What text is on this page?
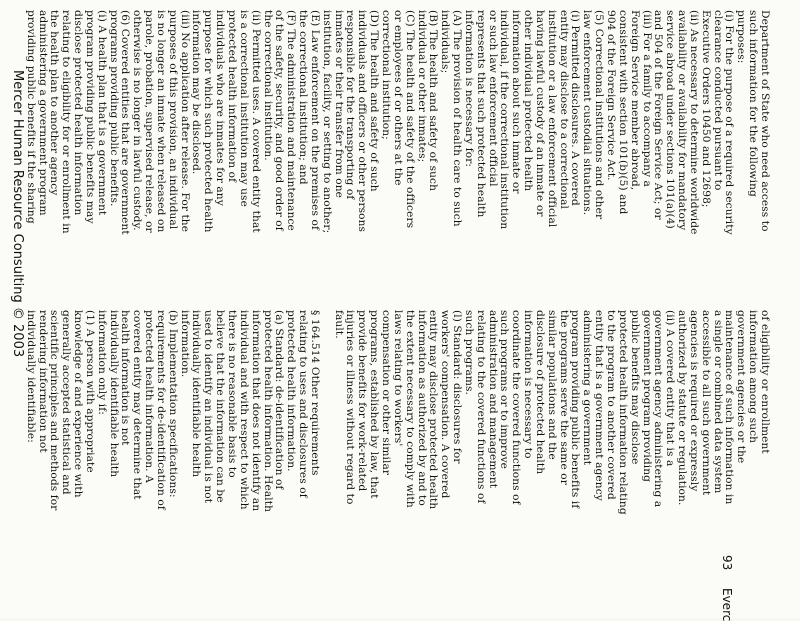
Department of State who need access to

such information for the following

purposes:

(i) For the purpose of a required security

clearance conducted pursuant to

Executive Orders 10450 and 12698;

(ii) As necessary to determine worldwide

availability or availability for mandatory

service abroad under sections 101(a)(4)

and 504 of the Foreign Service Act; or

(iii) For a family to accompany a

Foreign Service member abroad,

consistent with section 101(b)(5) and

904 of the Foreign Service Act.

(5) Correctional institutions and other

law enforcement custodial situations.

(i) Permitted disclosures. A covered

entity may disclose to a correctional

institution or a law enforcement official

having lawful custody of an inmate or

other individual protected health

information about such inmate or

individual, if the correctional institution

or such law enforcement official

represents that such protected health

information is necessary for:

(A) The provision of health care to such

individuals;

(B) The health and safety of such

individual or other inmates;

(C) The health and safety of the officers

or employees of or others at the

correctional institution;

(D) The health and safety of such

individuals and officers or other persons

responsible for the transporting of

inmates or their transfer from one

institution, facility, or setting to another;

(E) Law enforcement on the premises of

the correctional institution; and

(F) The administration and maintenance

of the safety, security, and good order of

the correctional institution.

(ii) Permitted uses. A covered entity that

is a correctional institution may use

protected health information of

individuals who are inmates for any

purpose for which such protected health

information may be disclosed.

(iii) No application after release. For the

purposes of this provision, an individual

is no longer an inmate when released on

parole, probation, supervised release, or

otherwise is no longer in lawful custody.

(6) Covered entities that are government

programs providing public benefits.

(i) A health plan that is a government

program providing public benefits may

disclose protected health information

relating to eligibility for or enrollment in

the health plan to another agency

administering a government program

providing public benefits if the sharing

of eligibility or enrollment

information among such

government agencies or the

maintenance of such information in

a single or combined data system

accessible to all such government

agencies is required or expressly

authorized by statute or regulation.

(ii) A covered entity that is a

government agency administering a

government program providing

public benefits may disclose

protected health information relating

to the program to another covered

entity that is a government agency

administering a government

program providing public benefits if

the programs serve the same or

similar populations and the

disclosure of protected health

information is necessary to

coordinate the covered functions of

such programs or to improve

administration and management

relating to the covered functions of

such programs.

(l) Standard: disclosures for

workers' compensation. A covered

entity may disclose protected health

information as authorized by and to

the extent necessary to comply with

laws relating to workers'

compensation or other similar

programs, established by law, that

provide benefits for work-related

injuries or illness without regard to

fault.

§ 164.514 Other requirements

relating to uses and disclosures of

protected health information.

(a) Standard: de-identification of

protected health information. Health

information that does not identify an

individual and with respect to which

there is no reasonable basis to

believe that the information can be

used to identify an individual is not

individually identifiable health

information.

(b) Implementation specifications:

requirements for de-identification of

protected health information. A

covered entity may determine that

health information is not

individually identifiable health

information only if:

(1) A person with appropriate

knowledge of and experience with

generally accepted statistical and

scientific principles and methods for

rendering information not

individually identifiable:

Mercer Human Resource Consulting © 2003
93
Everc
